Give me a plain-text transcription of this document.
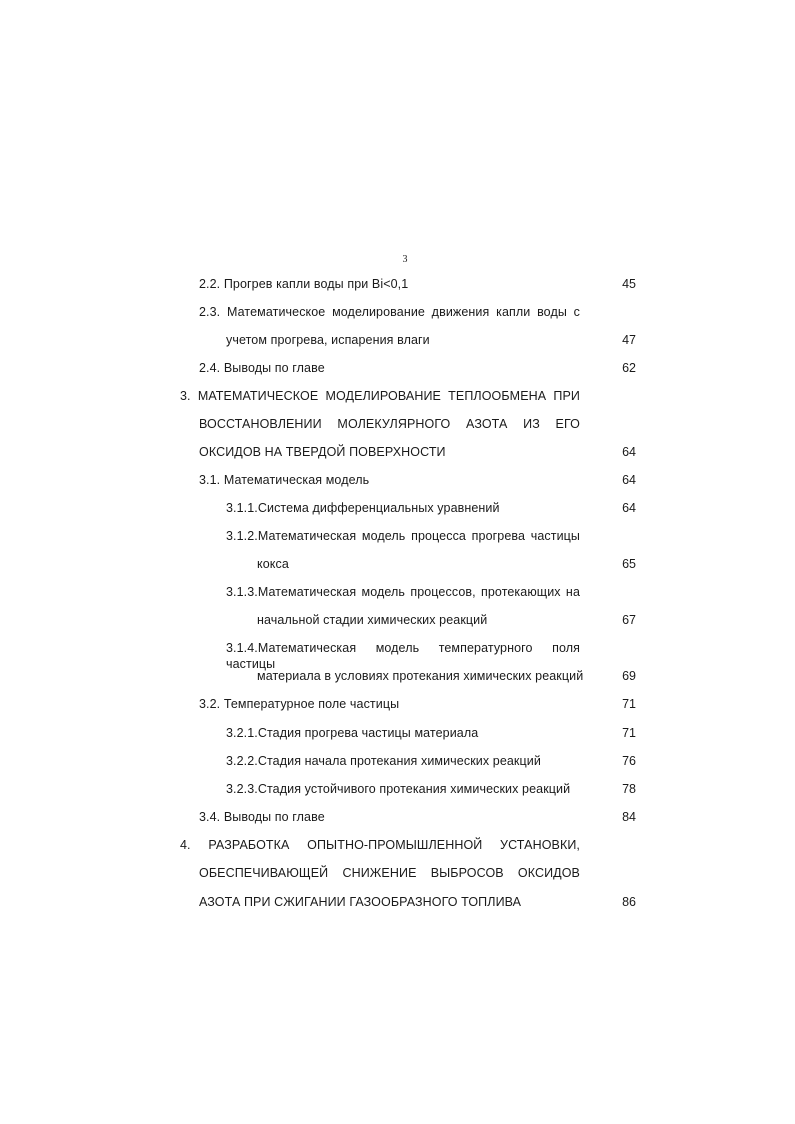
3
2.2. Прогрев капли воды при Bi<0,1	45
2.3. Математическое моделирование движения капли воды с
учетом прогрева, испарения влаги	47
2.4. Выводы по главе	62
3. МАТЕМАТИЧЕСКОЕ МОДЕЛИРОВАНИЕ ТЕПЛООБМЕНА ПРИ
ВОССТАНОВЛЕНИИ МОЛЕКУЛЯРНОГО АЗОТА ИЗ ЕГО
ОКСИДОВ НА ТВЕРДОЙ ПОВЕРХНОСТИ	64
3.1. Математическая модель	64
3.1.1.Система дифференциальных уравнений	64
3.1.2.Математическая модель процесса прогрева частицы
кокса	65
3.1.3.Математическая модель процессов, протекающих на
начальной стадии химических реакций	67
3.1.4.Математическая модель температурного поля частицы
материала в условиях протекания химических реакций	69
3.2. Температурное поле частицы	71
3.2.1.Стадия прогрева частицы материала	71
3.2.2.Стадия начала протекания химических реакций	76
3.2.3.Стадия устойчивого протекания химических реакций	78
3.4. Выводы по главе	84
4. РАЗРАБОТКА ОПЫТНО-ПРОМЫШЛЕННОЙ УСТАНОВКИ,
ОБЕСПЕЧИВАЮЩЕЙ СНИЖЕНИЕ ВЫБРОСОВ ОКСИДОВ
АЗОТА ПРИ СЖИГАНИИ ГАЗООБРАЗНОГО ТОПЛИВА	86
